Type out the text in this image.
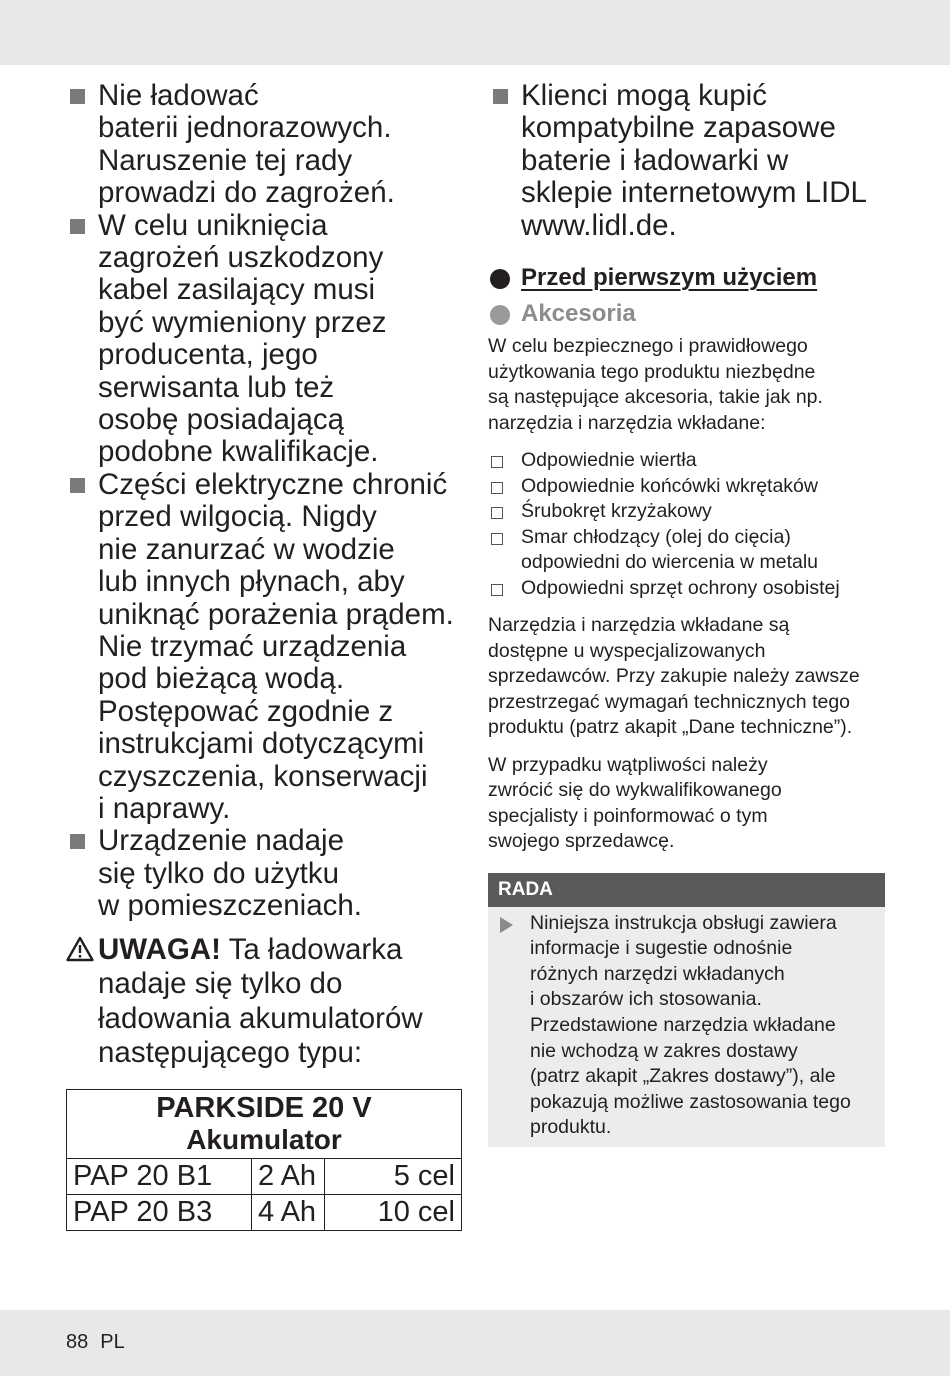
Nie ładować
baterii jednorazowych.
Naruszenie tej rady
prowadzi do zagrożeń.
W celu uniknięcia
zagrożeń uszkodzony
kabel zasilający musi
być wymieniony przez
producenta, jego
serwisanta lub też
osobę posiadającą
podobne kwalifikacje.
Części elektryczne chronić
przed wilgocią. Nigdy
nie zanurzać w wodzie
lub innych płynach, aby
uniknąć porażenia prądem.
Nie trzymać urządzenia
pod bieżącą wodą.
Postępować zgodnie z
instrukcjami dotyczącymi
czyszczenia, konserwacji
i naprawy.
Urządzenie nadaje
się tylko do użytku
w pomieszczeniach.
UWAGA! Ta ładowarka
nadaje się tylko do
ładowania akumulatorów
następującego typu:
PARKSIDE 20 V
Akumulator		

PAP 20 B1	2 Ah	5 cel
PAP 20 B3	4 Ah	10 cel
Klienci mogą kupić
kompatybilne zapasowe
baterie i ładowarki w
sklepie internetowym LIDL
www.lidl.de.
Przed pierwszym użyciem
Akcesoria
W celu bezpiecznego i prawidłowego
użytkowania tego produktu niezbędne
są następujące akcesoria, takie jak np.
narzędzia i narzędzia wkładane:
Odpowiednie wiertła
Odpowiednie końcówki wkrętaków
Śrubokręt krzyżakowy
Smar chłodzący (olej do cięcia)
odpowiedni do wiercenia w metalu
Odpowiedni sprzęt ochrony osobistej
Narzędzia i narzędzia wkładane są
dostępne u wyspecjalizowanych
sprzedawców. Przy zakupie należy zawsze
przestrzegać wymagań technicznych tego
produktu (patrz akapit „Dane techniczne”).
W przypadku wątpliwości należy
zwrócić się do wykwalifikowanego
specjalisty i poinformować o tym
swojego sprzedawcę.
RADA
Niniejsza instrukcja obsługi zawiera
informacje i sugestie odnośnie
różnych narzędzi wkładanych
i obszarów ich stosowania.
Przedstawione narzędzia wkładane
nie wchodzą w zakres dostawy
(patrz akapit „Zakres dostawy”), ale
pokazują możliwe zastosowania tego
produktu.
88 PL
